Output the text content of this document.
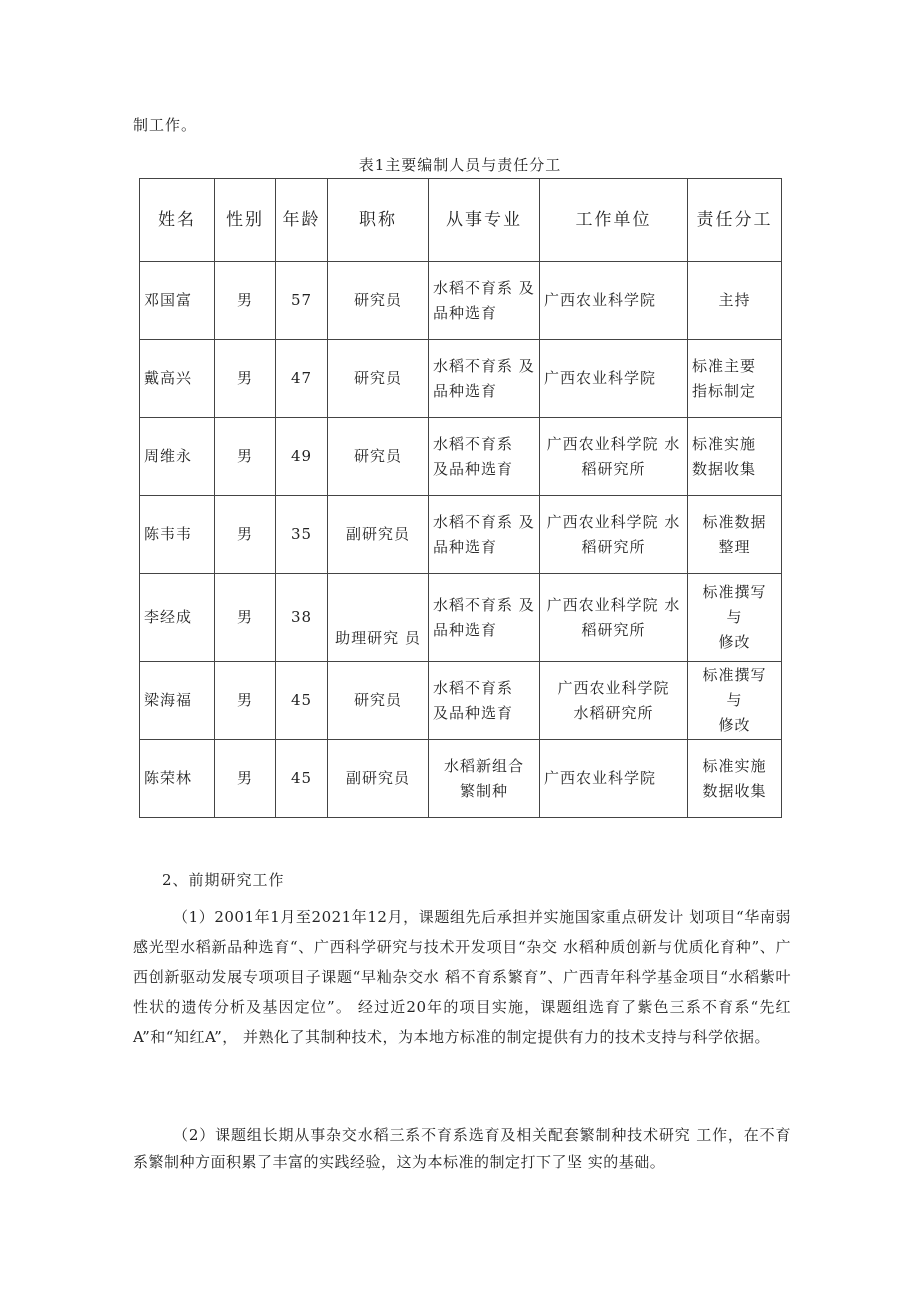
制工作。
表1主要编制人员与责任分工
姓名	性别	年龄	职称	从事专业	工作单位	责任分工
邓国富	男	57	研究员	水稻不育系 及
品种选育	广西农业科学院	主持
戴高兴	男	47	研究员	水稻不育系 及
品种选育	广西农业科学院	标准主要
指标制定
周维永	男	49	研究员	水稻不育系
及品种选育	广西农业科学院 水
稻研究所	标准实施
数据收集
陈韦韦	男	35	副研究员	水稻不育系 及
品种选育	广西农业科学院 水
稻研究所	标准数据
整理
李经成	男	38	助理研究 员	水稻不育系 及
品种选育	广西农业科学院 水
稻研究所	标准撰写 与
修改
梁海福	男	45	研究员	水稻不育系
及品种选育	广西农业科学院
水稻研究所	标准撰写 与
修改
陈荣林	男	45	副研究员	水稻新组合
繁制种	广西农业科学院	标准实施
数据收集
2、前期研究工作
（1）2001年1月至2021年12月，课题组先后承担并实施国家重点研发计 划项目“华南弱感光型水稻新品种选育“、广西科学研究与技术开发项目“杂交 水稻种质创新与优质化育种”、广西创新驱动发展专项项目子课题“早籼杂交水 稻不育系繁育”、广西青年科学基金项目“水稻紫叶性状的遗传分析及基因定位”。 经过近20年的项目实施，课题组选育了紫色三系不育系“先红A”和“知红A”， 并熟化了其制种技术，为本地方标准的制定提供有力的技术支持与科学依据。
（2）课题组长期从事杂交水稻三系不育系选育及相关配套繁制种技术研究 工作，在不育系繁制种方面积累了丰富的实践经验，这为本标准的制定打下了坚 实的基础。
